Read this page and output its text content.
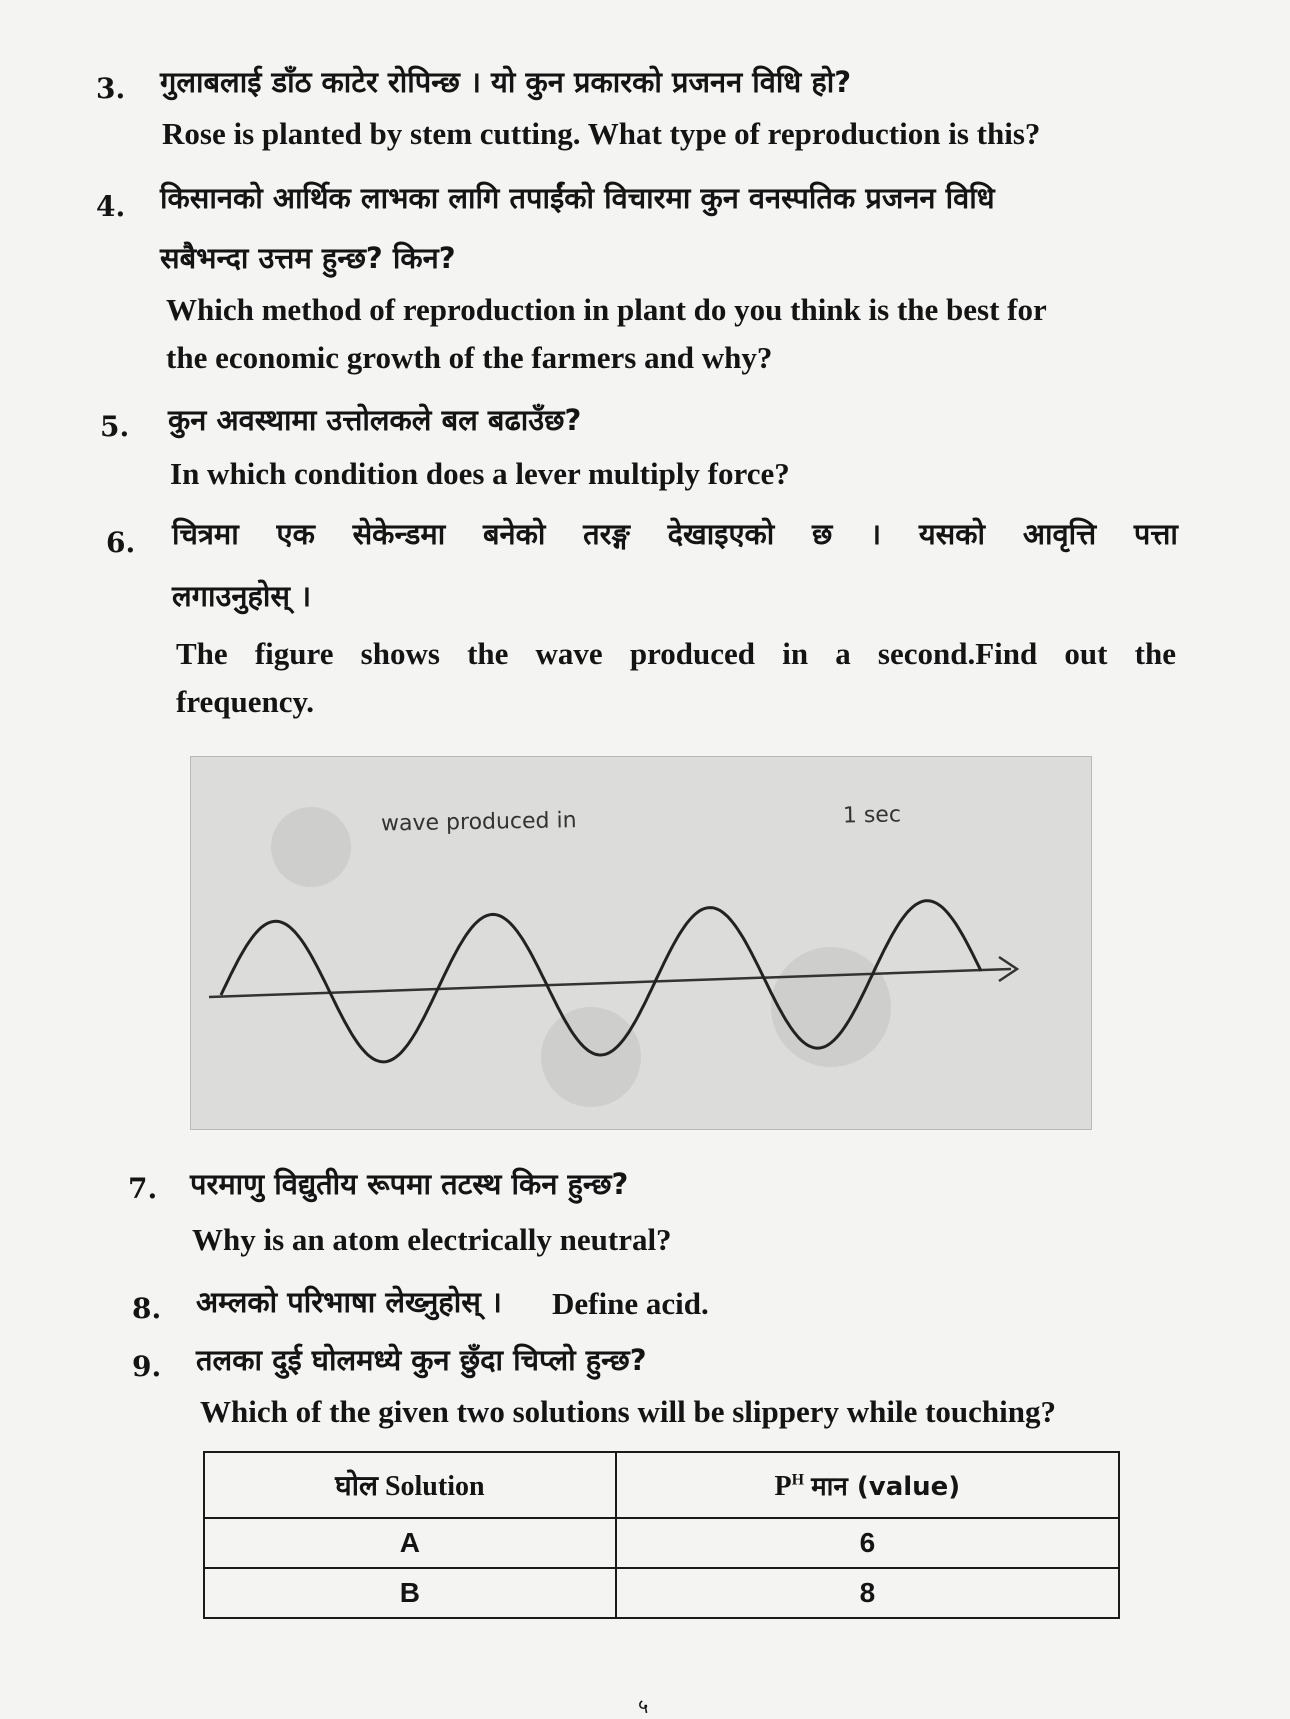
3. गुलाबलाई डाँठ काटेर रोपिन्छ । यो कुन प्रकारको प्रजनन विधि हो?
Rose is planted by stem cutting. What type of reproduction is this?
4. किसानको आर्थिक लाभका लागि तपाईंको विचारमा कुन वनस्पतिक प्रजनन विधि
सबैभन्दा उत्तम हुन्छ? किन?
Which method of reproduction in plant do you think is the best for
the economic growth of the farmers and why?
5. कुन अवस्थामा उत्तोलकले बल बढाउँछ?
In which condition does a lever multiply force?
6. चित्रमा एक सेकेन्डमा बनेको तरङ्ग देखाइएको छ । यसको आवृत्ति पत्ता
लगाउनुहोस् ।
The figure shows the wave produced in a second.Find out the
frequency.
wave produced in	1 sec
7. परमाणु विद्युतीय रूपमा तटस्थ किन हुन्छ?
Why is an atom electrically neutral?
8. अम्लको परिभाषा लेख्नुहोस् । Define acid.
9. तलका दुई घोलमध्ये कुन छुँदा चिप्लो हुन्छ?
Which of the given two solutions will be slippery while touching?
घोल Solution	$P^H$ मान (value)
A	6
B	8
५
